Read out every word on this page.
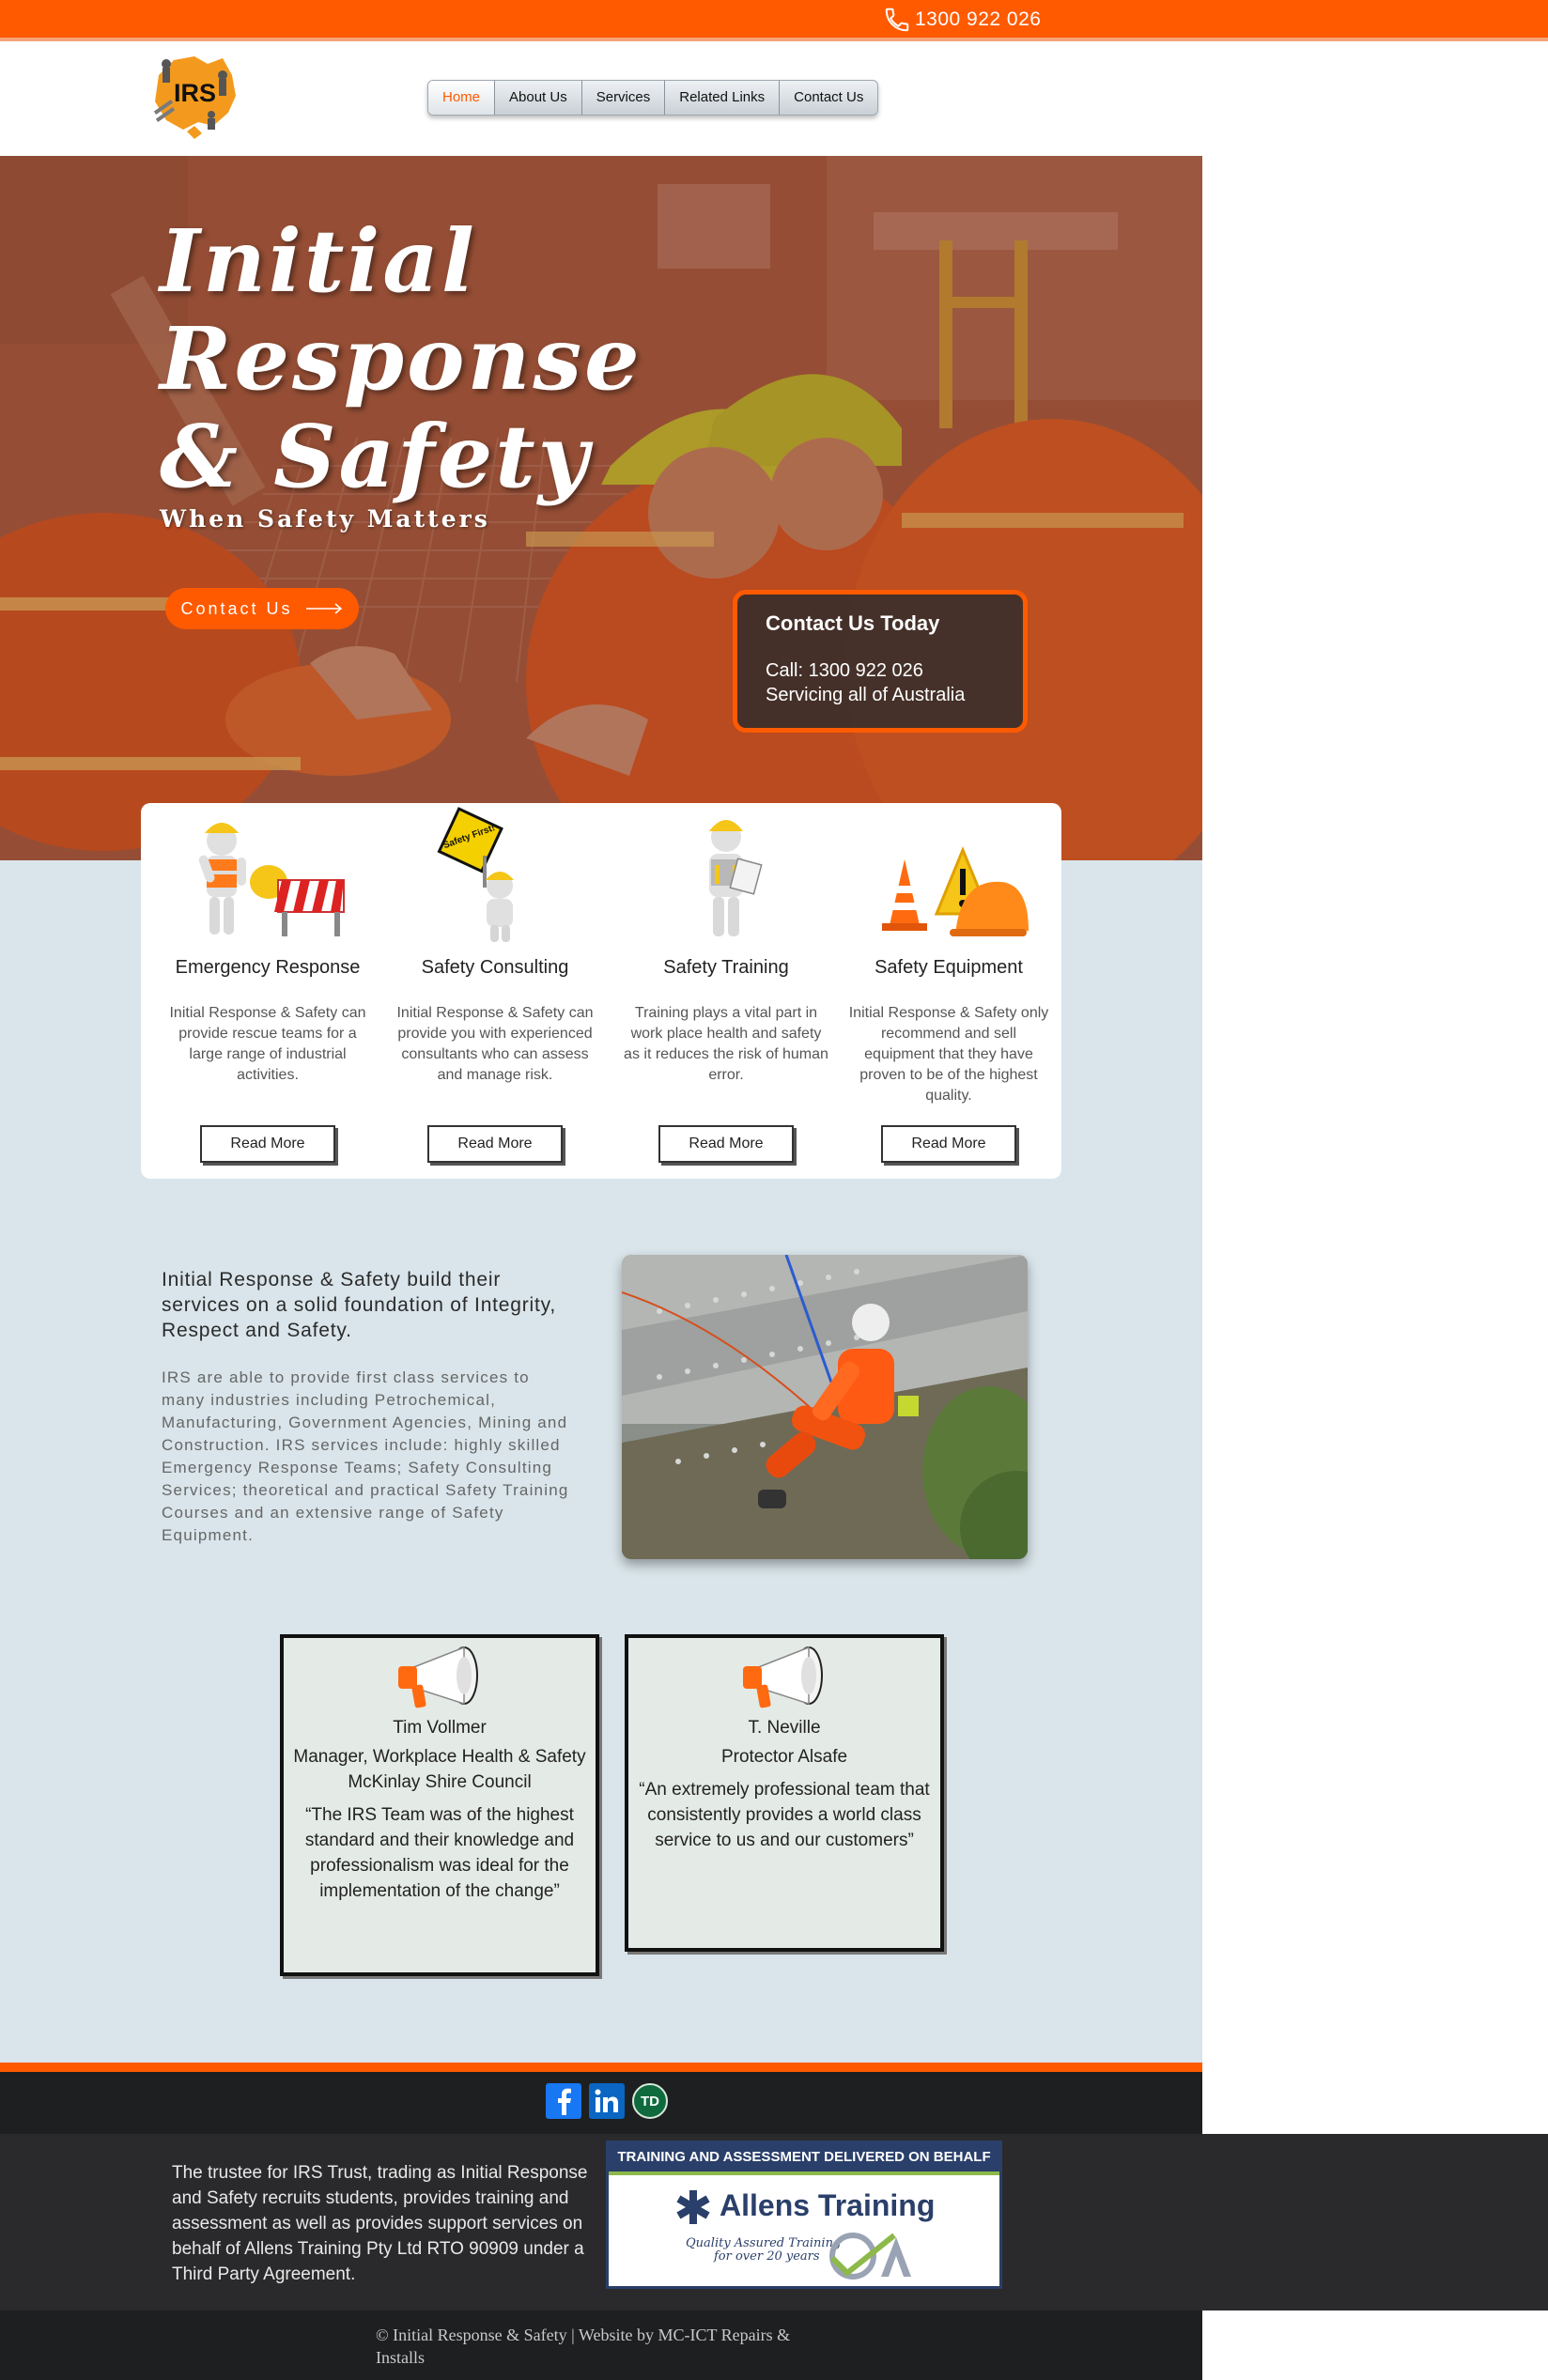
1300 922 026
IRS	Home	About Us	Services	Related Links	Contact Us
Initial
Response
& Safety
When Safety Matters
Contact Us
Contact Us Today
Call: 1300 922 026
Servicing all of Australia
Emergency Response
Initial Response & Safety can provide rescue teams for a large range of industrial activities.
Read More
Safety First!
Safety Consulting
Initial Response & Safety can provide you with experienced consultants who can assess and manage risk.
Read More
Safety Training
Training plays a vital part in work place health and safety as it reduces the risk of human error.
Read More
Safety Equipment
Initial Response & Safety only recommend and sell equipment that they have proven to be of the highest quality.
Read More
Initial Response & Safety build their services on a solid foundation of Integrity, Respect and Safety.
IRS are able to provide first class services to many industries including Petrochemical, Manufacturing, Government Agencies, Mining and Construction. IRS services include: highly skilled Emergency Response Teams; Safety Consulting Services; theoretical and practical Safety Training Courses and an extensive range of Safety Equipment.
Tim Vollmer
Manager, Workplace Health & Safety McKinlay Shire Council
“The IRS Team was of the highest standard and their knowledge and professionalism was ideal for the implementation of the change”
T. Neville
Protector Alsafe
“An extremely professional team that consistently provides a world class service to us and our customers”
TD
The trustee for IRS Trust, trading as Initial Response and Safety recruits students, provides training and assessment as well as provides support services on behalf of Allens Training Pty Ltd RTO 90909 under a Third Party Agreement.
TRAINING AND ASSESSMENT DELIVERED ON BEHALF OF
Allens Training
Quality Assured Training
for over 20 years
© Initial Response & Safety | Website by MC-ICT Repairs & Installs
